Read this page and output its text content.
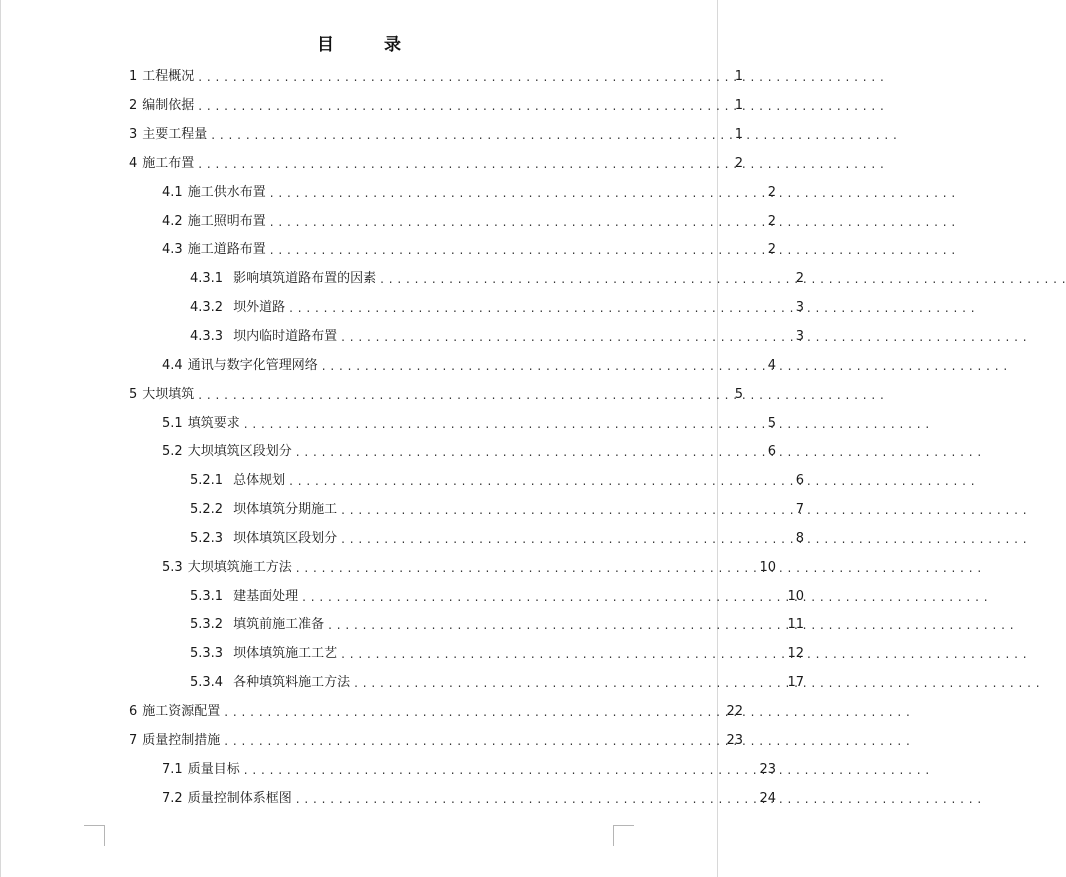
目 录
1 工程概况 . . .	1
2 编制依据 . . .	1
3 主要工程量 . . .	1
4 施工布置 . . .	2
4.1 施工供水布置 . . .	2
4.2 施工照明布置 . . .	2
4.3 施工道路布置 . . .	2
4.3.1 影响填筑道路布置的因素 . . .	2
4.3.2 坝外道路 . . .	3
4.3.3 坝内临时道路布置 . . .	3
4.4 通讯与数字化管理网络 . . .	4
5 大坝填筑 . . .	5
5.1 填筑要求 . . .	5
5.2 大坝填筑区段划分 . . .	6
5.2.1 总体规划 . . .	6
5.2.2 坝体填筑分期施工 . . .	7
5.2.3 坝体填筑区段划分 . . .	8
5.3 大坝填筑施工方法 . . .	10
5.3.1 建基面处理 . . .	10
5.3.2 填筑前施工准备 . . .	11
5.3.3 坝体填筑施工工艺 . . .	12
5.3.4 各种填筑料施工方法 . . .	17
6 施工资源配置 . . .	22
7 质量控制措施 . . .	23
7.1 质量目标 . . .	23
7.2 质量控制体系框图 . . .	24
